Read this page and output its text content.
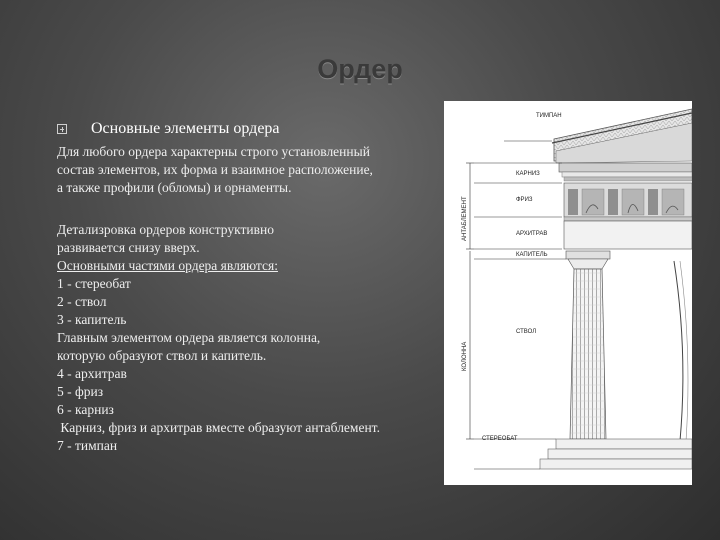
Ордер
Основные элементы ордера
Для любого ордера характерны строго установленный
состав элементов, их форма и взаимное расположение,
а также профили (обломы) и орнаменты.
Детализровка ордеров конструктивно
развивается снизу вверх.
Основными частями ордера являются:
1 - стереобат
2 - ствол
3 - капитель
Главным элементом ордера является колонна,
которую образуют ствол и капитель.
4 - архитрав
5 - фриз
6 - карниз
Карниз, фриз и архитрав вместе образуют антаблемент.
7 - тимпан
ТИМПАН
КАРНИЗ
ФРИЗ
АРХИТРАВ
КАПИТЕЛЬ
СТВОЛ
СТЕРЕОБАТ
АНТАБЛЕМЕНТ
КОЛОННА
